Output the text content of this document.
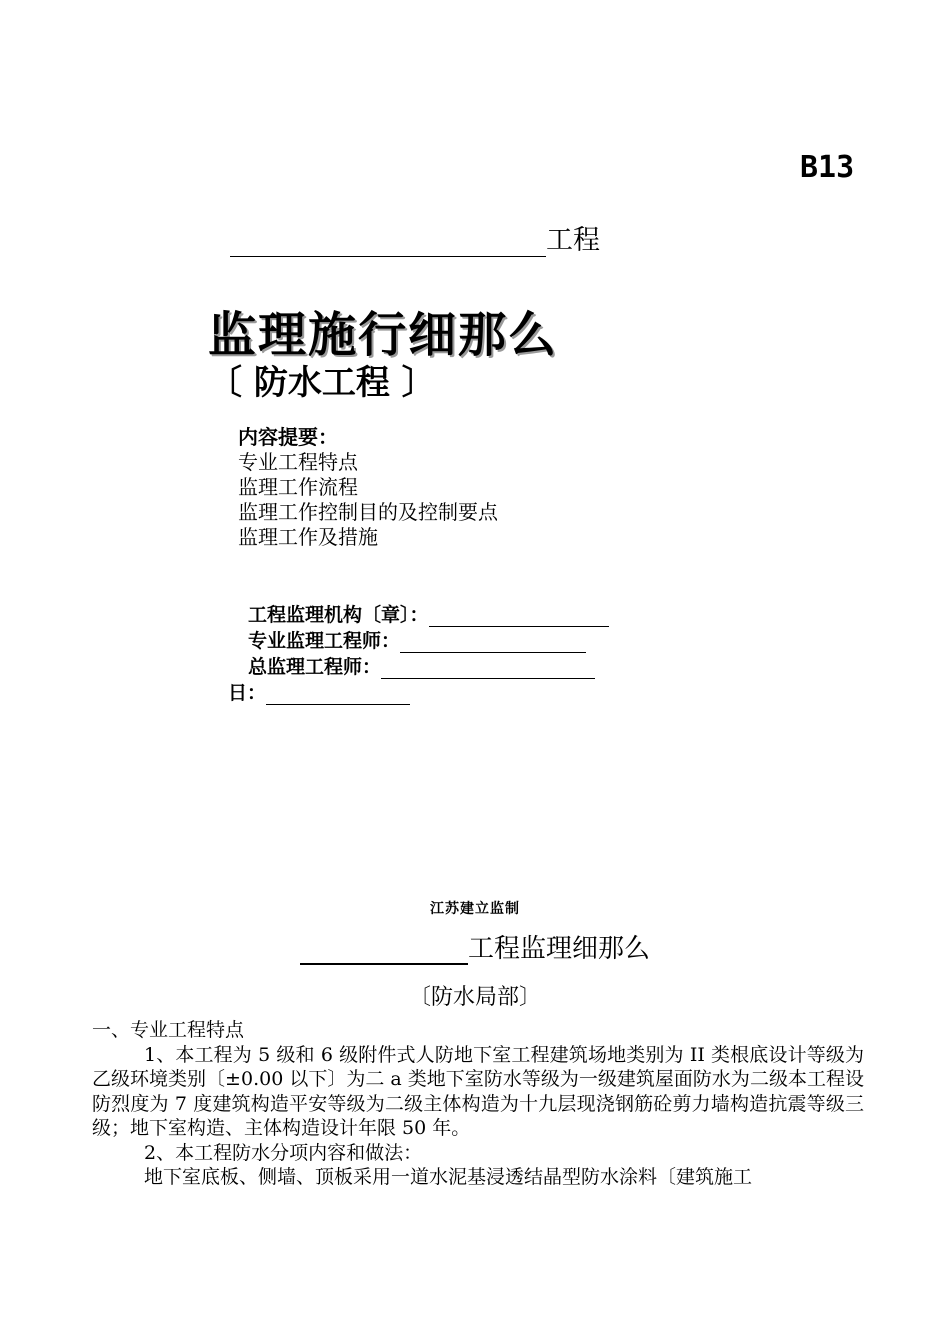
B13
工程
监理施行细那么
〔 防水工程 〕
内容提要：
专业工程特点
监理工作流程
监理工作控制目的及控制要点
监理工作及措施
工程监理机构〔章〕：
专业监理工程师：
总监理工程师：
日：
江苏建立监制
工程监理细那么
〔防水局部〕

一、专业工程特点

1、本工程为 5 级和 6 级附件式人防地下室工程建筑场地类别为 II 类根底设计等级为乙级环境类别〔±0.00 以下〕为二 a 类地下室防水等级为一级建筑屋面防水为二级本工程设防烈度为 7 度建筑构造平安等级为二级主体构造为十九层现浇钢筋砼剪力墙构造抗震等级三级；地下室构造、主体构造设计年限 50 年。

2、本工程防水分项内容和做法：

地下室底板、侧墙、顶板采用一道水泥基浸透结晶型防水涂料〔建筑施工
